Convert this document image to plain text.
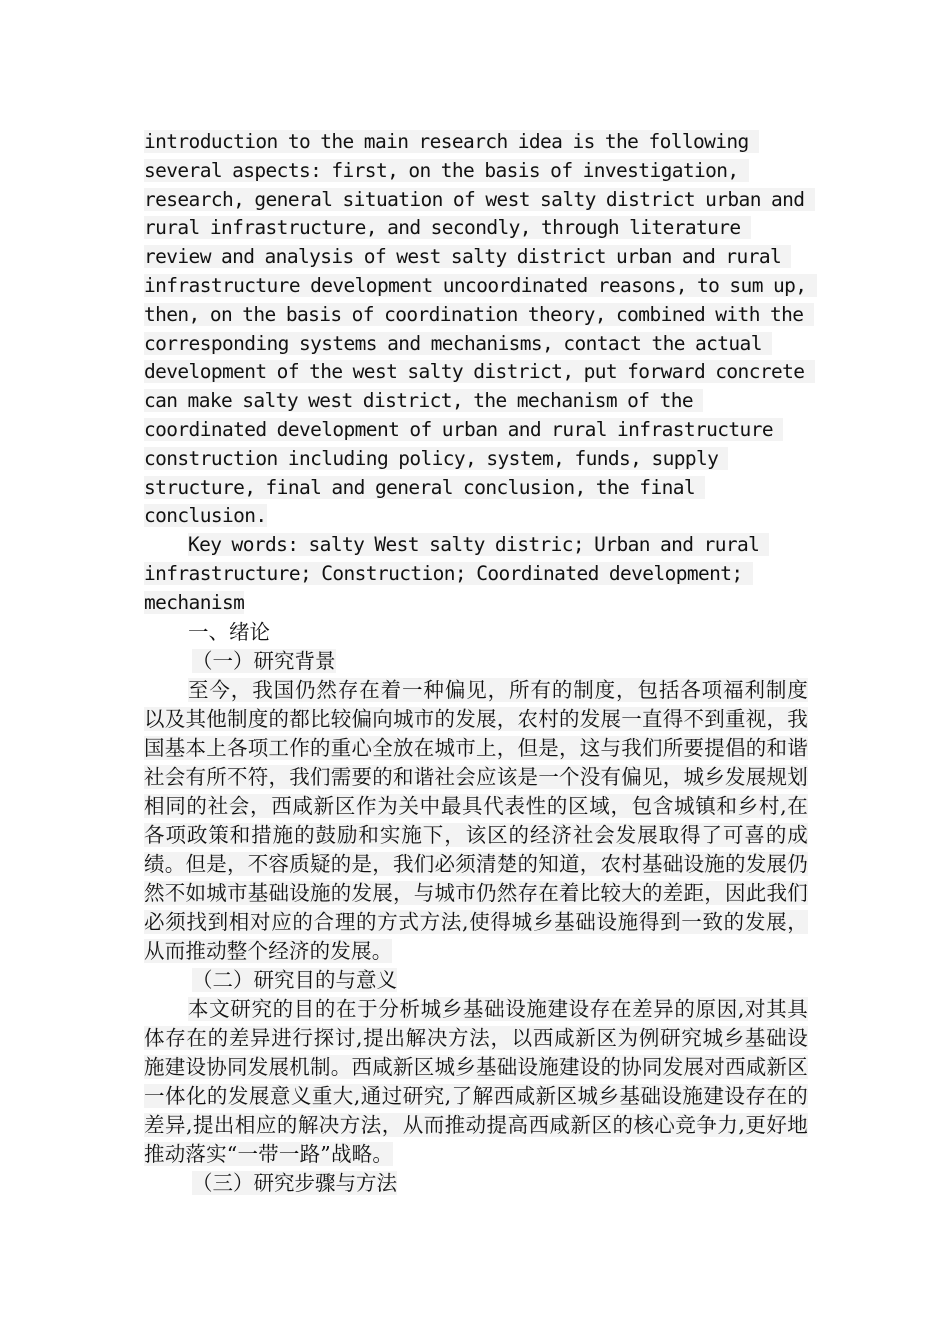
introduction to the main research idea is the following several aspects: first, on the basis of investigation, research, general situation of west salty district urban and rural infrastructure, and secondly, through literature review and analysis of west salty district urban and rural infrastructure development uncoordinated reasons, to sum up, then, on the basis of coordination theory, combined with the corresponding systems and mechanisms, contact the actual development of the west salty district, put forward concrete can make salty west district, the mechanism of the coordinated development of urban and rural infrastructure construction including policy, system, funds, supply structure, final and general conclusion, the final conclusion.

Key words: salty West salty distric; Urban and rural infrastructure; Construction; Coordinated development; mechanism

一、绪论

（一）研究背景

至今，我国仍然存在着一种偏见，所有的制度，包括各项福利制度以及其他制度的都比较偏向城市的发展，农村的发展一直得不到重视，我国基本上各项工作的重心全放在城市上，但是，这与我们所要提倡的和谐社会有所不符，我们需要的和谐社会应该是一个没有偏见，城乡发展规划相同的社会，西咸新区作为关中最具代表性的区域，包含城镇和乡村,在各项政策和措施的鼓励和实施下，该区的经济社会发展取得了可喜的成绩。但是，不容质疑的是，我们必须清楚的知道，农村基础设施的发展仍然不如城市基础设施的发展，与城市仍然存在着比较大的差距，因此我们必须找到相对应的合理的方式方法,使得城乡基础设施得到一致的发展，从而推动整个经济的发展。

（二）研究目的与意义

本文研究的目的在于分析城乡基础设施建设存在差异的原因,对其具体存在的差异进行探讨,提出解决方法，以西咸新区为例研究城乡基础设施建设协同发展机制。西咸新区城乡基础设施建设的协同发展对西咸新区一体化的发展意义重大,通过研究,了解西咸新区城乡基础设施建设存在的差异,提出相应的解决方法，从而推动提高西咸新区的核心竞争力,更好地推动落实“一带一路”战略。

（三）研究步骤与方法
